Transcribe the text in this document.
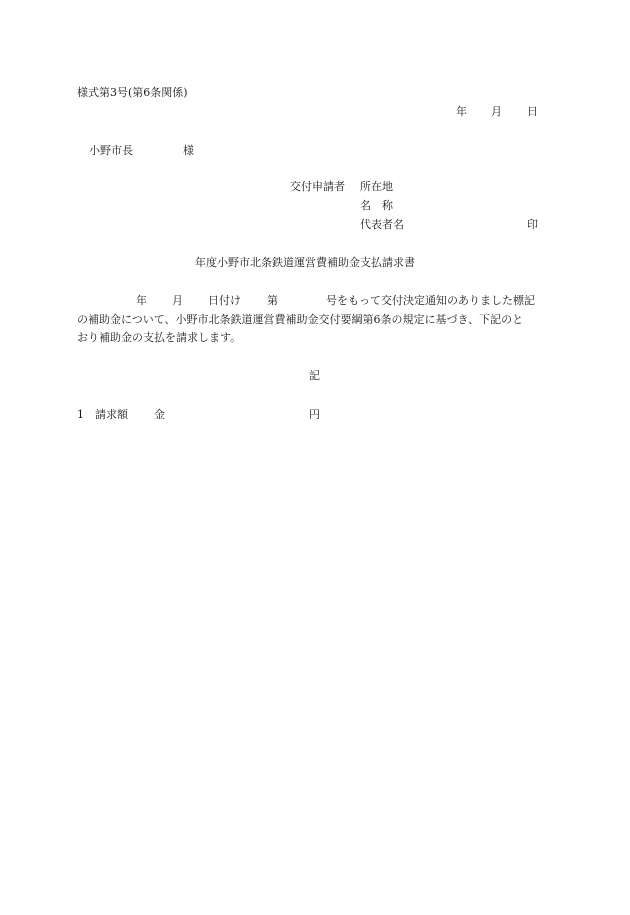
様式第3号(第6条関係)

年 月 日

小野市長	様

交付申請者 所在地

名　称

代表者名	印

年度小野市北条鉄道運営費補助金支払請求書

年 月 日付け 第	号をもって交付決定通知のありました標記

の補助金について、小野市北条鉄道運営費補助金交付要綱第6条の規定に基づき、下記のと

おり補助金の支払を請求します。

記

1 請求額 金	円
